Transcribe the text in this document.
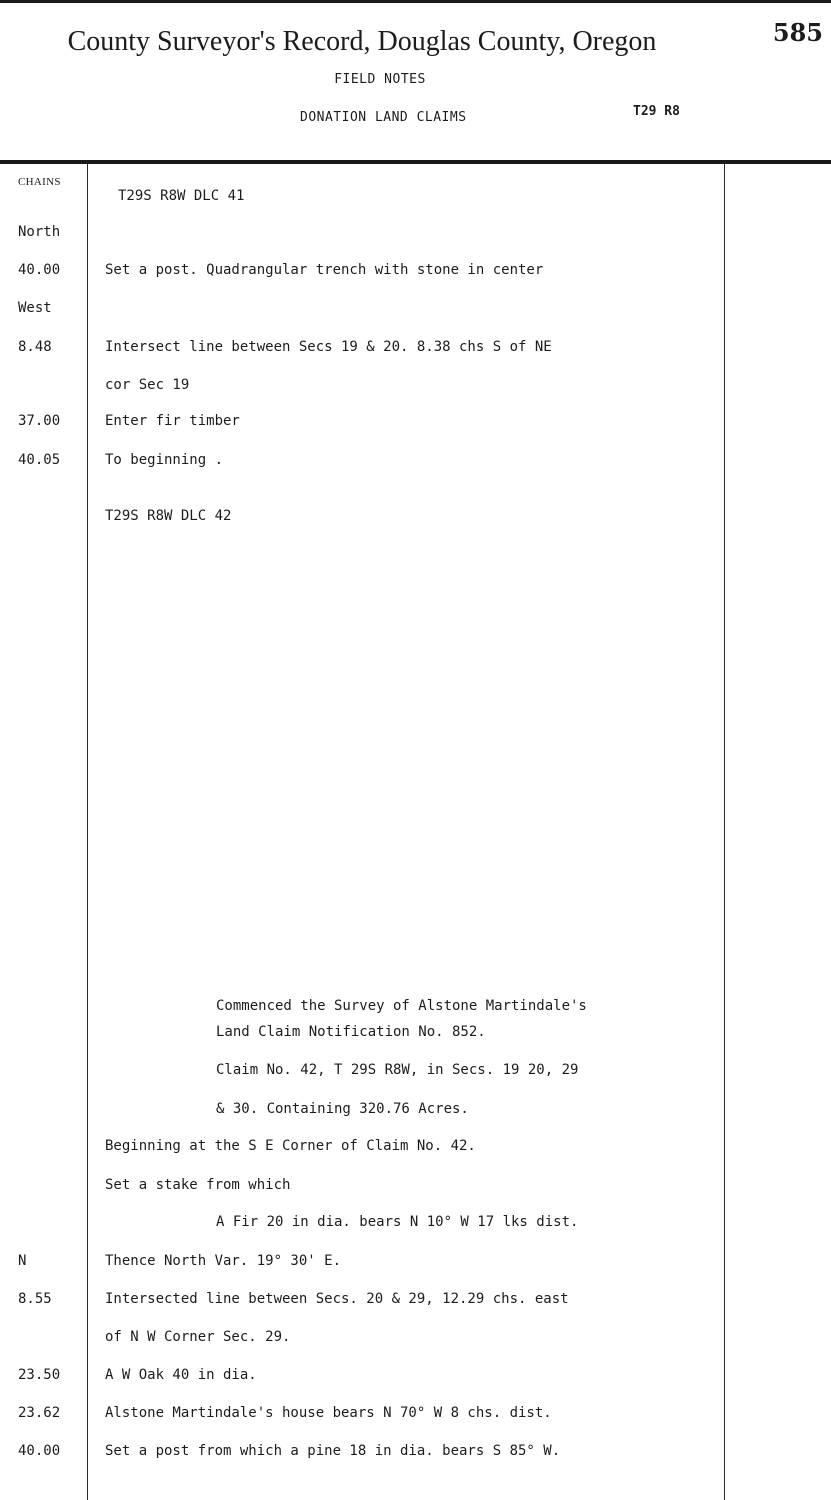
585
County Surveyor's Record, Douglas County, Oregon
FIELD NOTES
DONATION LAND CLAIMS	T29 R8
CHAINS
T29S R8W DLC 41
North
40.00	Set a post. Quadrangular trench with stone in center
West
8.48	Intersect line between Secs 19 & 20. 8.38 chs S of NE
cor Sec 19
37.00	Enter fir timber
40.05	To beginning .
T29S R8W DLC 42
Commenced the Survey of Alstone Martindale's
Land Claim Notification No. 852.
Claim No. 42, T 29S R8W, in Secs. 19 20, 29
& 30. Containing 320.76 Acres.
Beginning at the S E Corner of Claim No. 42.
Set a stake from which
A Fir 20 in dia. bears N 10° W 17 lks dist.
N	Thence North Var. 19° 30' E.
8.55	Intersected line between Secs. 20 & 29, 12.29 chs. east
of N W Corner Sec. 29.
23.50	A W Oak 40 in dia.
23.62	Alstone Martindale's house bears N 70° W 8 chs. dist.
40.00	Set a post from which a pine 18 in dia. bears S 85° W.
